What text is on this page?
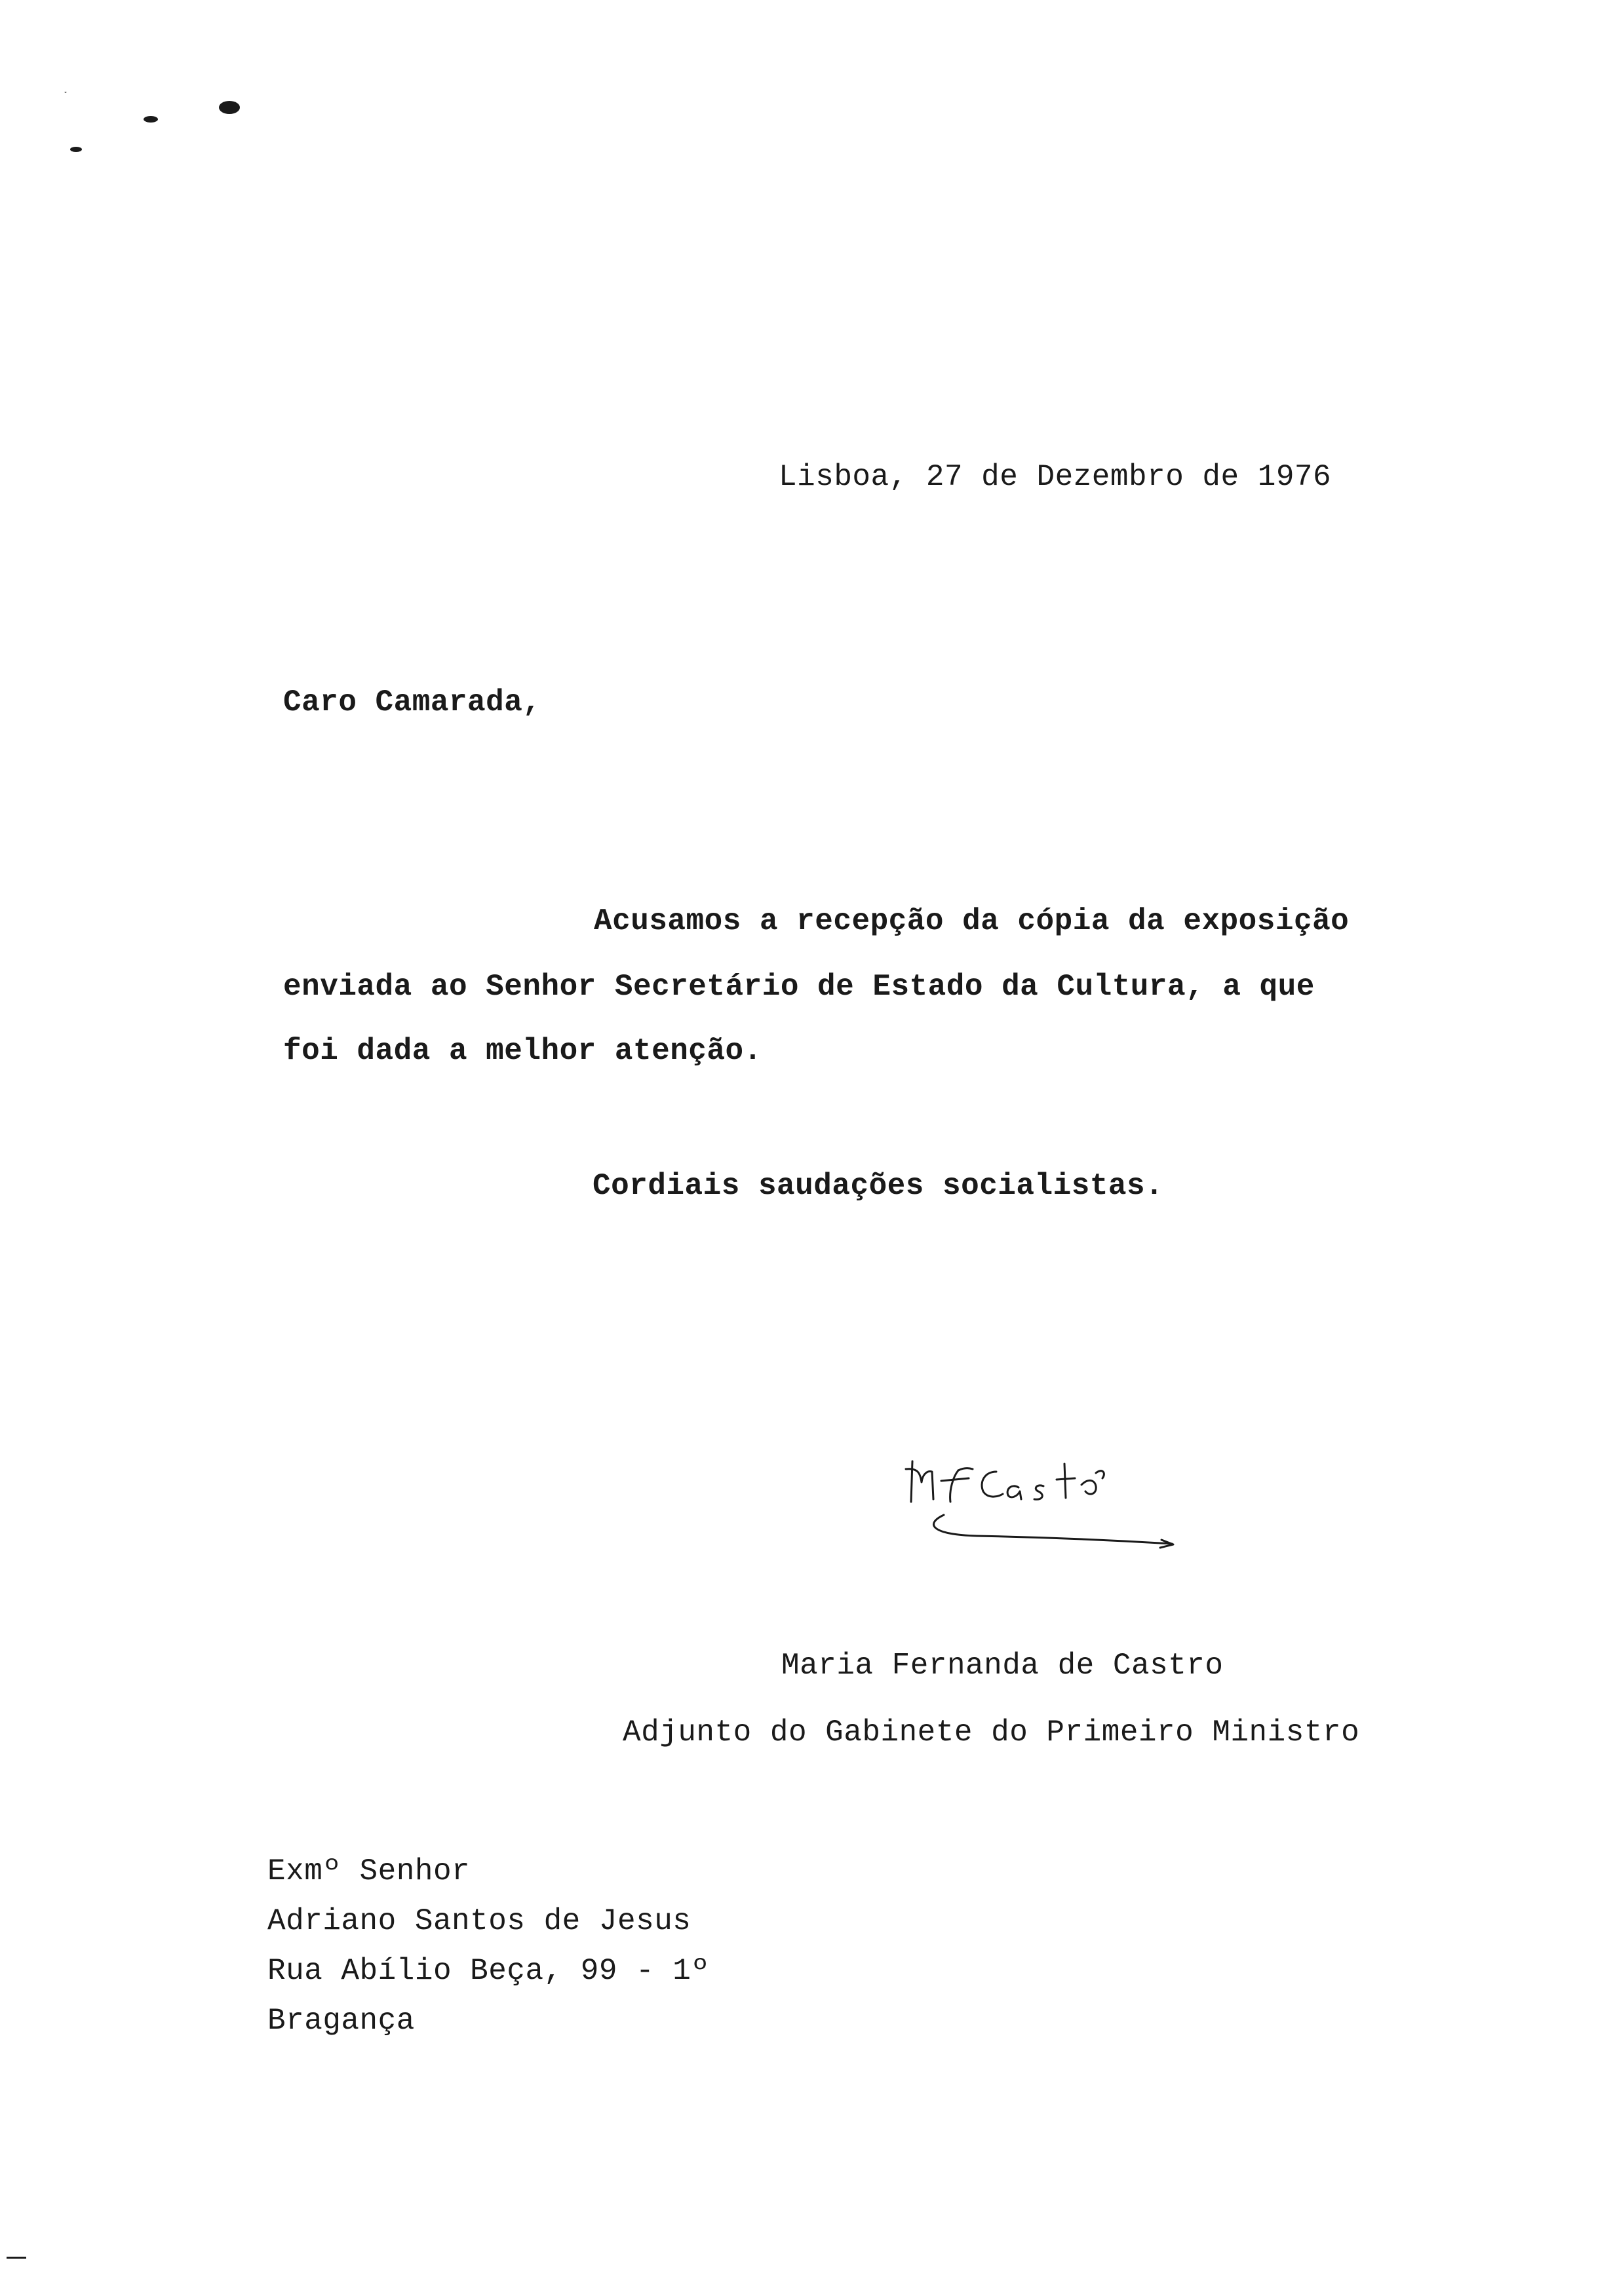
Lisboa, 27 de Dezembro de 1976
Caro Camarada,
Acusamos a recepção da cópia da exposição
enviada ao Senhor Secretário de Estado da Cultura, a que
foi dada a melhor atenção.
Cordiais saudações socialistas.
Maria Fernanda de Castro
Adjunto do Gabinete do Primeiro Ministro
Exmº Senhor
Adriano Santos de Jesus
Rua Abílio Beça, 99 - 1º
Bragança
